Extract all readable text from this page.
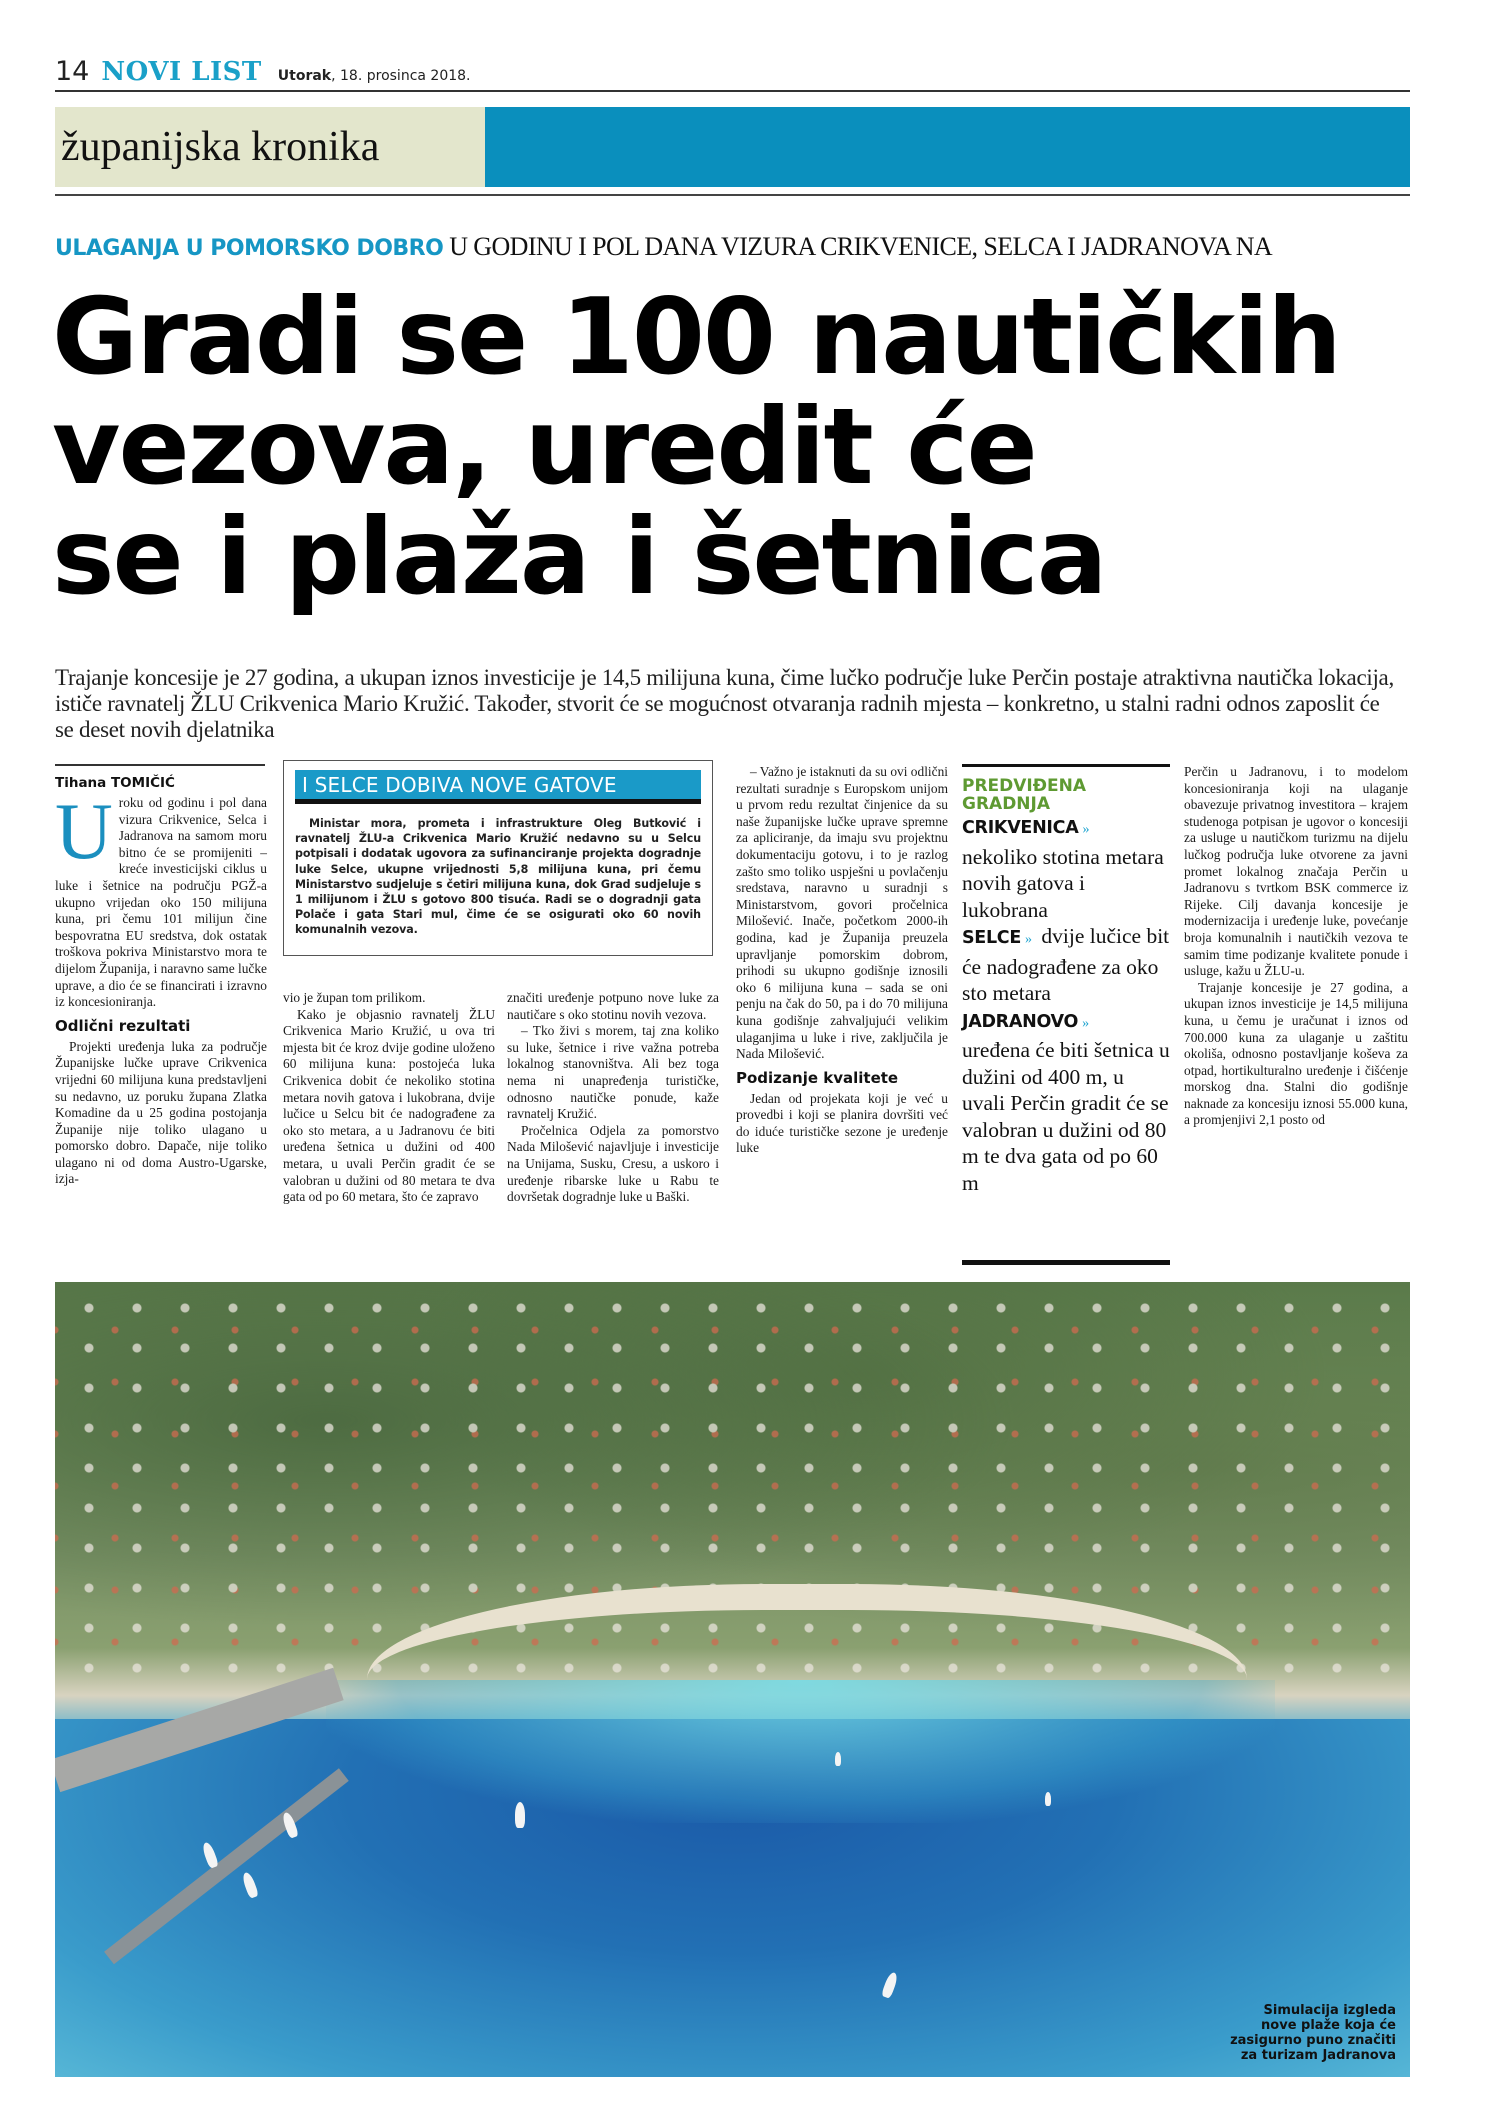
14 NOVI LIST Utorak, 18. prosinca 2018.
županijska kronika
ULAGANJA U POMORSKO DOBRO U GODINU I POL DANA VIZURA CRIKVENICE, SELCA I JADRANOVA NA
Gradi se 100 nautičkih
vezova, uredit će
se i plaža i šetnica

Trajanje koncesije je 27 godina, a ukupan iznos investicije je 14,5 milijuna kuna, čime lučko područje luke Perčin postaje atraktivna nautička lokacija, ističe ravnatelj ŽLU Crikvenica Mario Kružić. Također, stvorit će se mogućnost otvaranja radnih mjesta – konkretno, u stalni radni odnos zaposlit će se deset novih djelatnika

Tihana TOMIČIĆ

Uroku od godinu i pol dana vizura Crikvenice, Selca i Jadranova na samom moru bitno će se promijeniti – kreće investicijski ciklus u luke i šetnice na području PGŽ-a ukupno vrijedan oko 150 milijuna kuna, pri čemu 101 milijun čine bespovratna EU sredstva, dok ostatak troškova pokriva Ministarstvo mora te dijelom Županija, i naravno same lučke uprave, a dio će se financirati i izravno iz koncesioniranja.

Odlični rezultati

Projekti uređenja luka za područje Županijske lučke uprave Crikvenica vrijedni 60 milijuna kuna predstavljeni su nedavno, uz poruku župana Zlatka Komadine da u 25 godina postojanja Županije nije toliko ulagano u pomorsko dobro. Dapače, nije toliko ulagano ni od doma Austro-Ugarske, izja-

I SELCE DOBIVA NOVE GATOVE

Ministar mora, prometa i infrastrukture Oleg Butković i ravnatelj ŽLU-a Crikvenica Mario Kružić nedavno su u Selcu potpisali i dodatak ugovora za sufinanciranje projekta dogradnje luke Selce, ukupne vrijednosti 5,8 milijuna kuna, pri čemu Ministarstvo sudjeluje s četiri milijuna kuna, dok Grad sudjeluje s 1 milijunom i ŽLU s gotovo 800 tisuća. Radi se o dogradnji gata Polače i gata Stari mul, čime će se osigurati oko 60 novih komunalnih vezova.

vio je župan tom prilikom.

Kako je objasnio ravnatelj ŽLU Crikvenica Mario Kružić, u ova tri mjesta bit će kroz dvije godine uloženo 60 milijuna kuna: postojeća luka Crikvenica dobit će nekoliko stotina metara novih gatova i lukobrana, dvije lučice u Selcu bit će nadograđene za oko sto metara, a u Jadranovu će biti uređena šetnica u dužini od 400 metara, u uvali Perčin gradit će se valobran u dužini od 80 metara te dva gata od po 60 metara, što će zapravo

značiti uređenje potpuno nove luke za nautičare s oko stotinu novih vezova.

– Tko živi s morem, taj zna koliko su luke, šetnice i rive važna potreba lokalnog stanovništva. Ali bez toga nema ni unapređenja turističke, odnosno nautičke ponude, kaže ravnatelj Kružić.

Pročelnica Odjela za pomorstvo Nada Milošević najavljuje i investicije na Unijama, Susku, Cresu, a uskoro i uređenje ribarske luke u Rabu te dovršetak dogradnje luke u Baški.

– Važno je istaknuti da su ovi odlični rezultati suradnje s Europskom unijom u prvom redu rezultat činjenice da su naše županijske lučke uprave spremne za apliciranje, da imaju svu projektnu dokumentaciju gotovu, i to je razlog zašto smo toliko uspješni u povlačenju sredstava, naravno u suradnji s Ministarstvom, govori pročelnica Milošević. Inače, početkom 2000-ih godina, kad je Županija preuzela upravljanje pomorskim dobrom, prihodi su ukupno godišnje iznosili oko 6 milijuna kuna – sada se oni penju na čak do 50, pa i do 70 milijuna kuna godišnje zahvaljujući velikim ulaganjima u luke i rive, zaključila je Nada Milošević.

Podizanje kvalitete

Jedan od projekata koji je već u provedbi i koji se planira dovršiti već do iduće turističke sezone je uređenje luke

PREDVIĐENA GRADNJA
CRIKVENICA »
nekoliko stotina metara novih gatova i lukobrana
SELCE » dvije lučice bit će nadograđene za oko sto metara
JADRANOVO »
uređena će biti šetnica u dužini od 400 m, u uvali Perčin gradit će se valobran u dužini od 80 m te dva gata od po 60 m

Perčin u Jadranovu, i to modelom koncesioniranja koji na ulaganje obavezuje privatnog investitora – krajem studenoga potpisan je ugovor o koncesiji za usluge u nautičkom turizmu na dijelu lučkog područja luke otvorene za javni promet lokalnog značaja Perčin u Jadranovu s tvrtkom BSK commerce iz Rijeke. Cilj davanja koncesije je modernizacija i uređenje luke, povećanje broja komunalnih i nautičkih vezova te samim time podizanje kvalitete ponude i usluge, kažu u ŽLU-u.

Trajanje koncesije je 27 godina, a ukupan iznos investicije je 14,5 milijuna kuna, u čemu je uračunat i iznos od 700.000 kuna za ulaganje u zaštitu okoliša, odnosno postavljanje koševa za otpad, hortikulturalno uređenje i čišćenje morskog dna. Stalni dio godišnje naknade za koncesiju iznosi 55.000 kuna, a promjenjivi 2,1 posto od

Simulacija izgleda nove plaže koja će zasigurno puno značiti za turizam Jadranova
